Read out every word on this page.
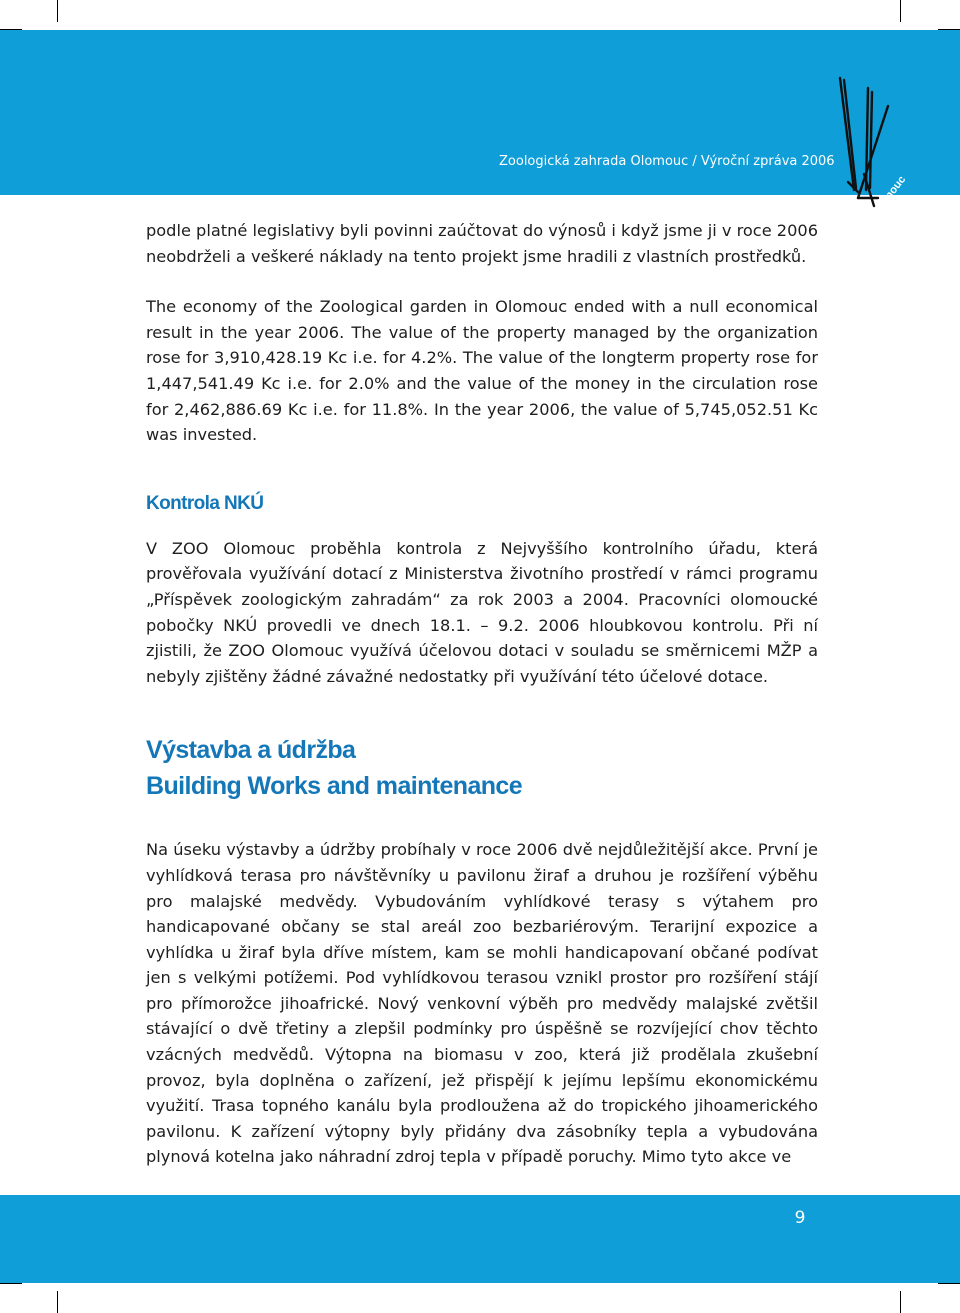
Zoologická zahrada Olomouc / Výroční zpráva 2006
ZOO Olomouc

podle platné legislativy byli povinni zaúčtovat do výnosů i když jsme ji v roce 2006 neobdrželi a veškeré náklady na tento projekt jsme hradili z vlastních prostředků.

The economy of the Zoological garden in Olomouc ended with a null economical result in the year 2006. The value of the property managed by the organization rose for 3,910,428.19 Kc i.e. for 4.2%. The value of the longterm property rose for 1,447,541.49 Kc i.e. for 2.0% and the value of the money in the circulation rose for 2,462,886.69 Kc i.e. for 11.8%. In the year 2006, the value of 5,745,052.51 Kc was invested.

Kontrola NKÚ

V ZOO Olomouc proběhla kontrola z Nejvyššího kontrolního úřadu, která prověřovala využívání dotací z Ministerstva životního prostředí v rámci programu „Příspěvek zoologickým zahradám“ za rok 2003 a 2004. Pracovníci olomoucké pobočky NKÚ provedli ve dnech 18.1. – 9.2. 2006 hloubkovou kontrolu. Při ní zjistili, že ZOO Olomouc využívá účelovou dotaci v souladu se směrnicemi MŽP a nebyly zjištěny žádné závažné nedostatky při využívání této účelové dotace.

Výstavba a údržba
Building Works and maintenance

Na úseku výstavby a údržby probíhaly v roce 2006 dvě nejdůležitější akce. První je vyhlídková terasa pro návštěvníky u pavilonu žiraf a druhou je rozšíření výběhu pro malajské medvědy. Vybudováním vyhlídkové terasy s výtahem pro handicapované občany se stal areál zoo bezbariérovým. Terarijní expozice a vyhlídka u žiraf byla dříve místem, kam se mohli handicapovaní občané podívat jen s velkými potížemi. Pod vyhlídkovou terasou vznikl prostor pro rozšíření stájí pro přímorožce jihoafrické. Nový venkovní výběh pro medvědy malajské zvětšil stávající o dvě třetiny a zlepšil podmínky pro úspěšně se rozvíjející chov těchto vzácných medvědů. Výtopna na biomasu v zoo, která již prodělala zkušební provoz, byla doplněna o zařízení, jež přispějí k jejímu lepšímu ekonomickému využití. Trasa topného kanálu byla prodloužena až do tropického jihoamerického pavilonu. K zařízení výtopny byly přidány dva zásobníky tepla a vybudována plynová kotelna jako náhradní zdroj tepla v případě poruchy. Mimo tyto akce ve

9
